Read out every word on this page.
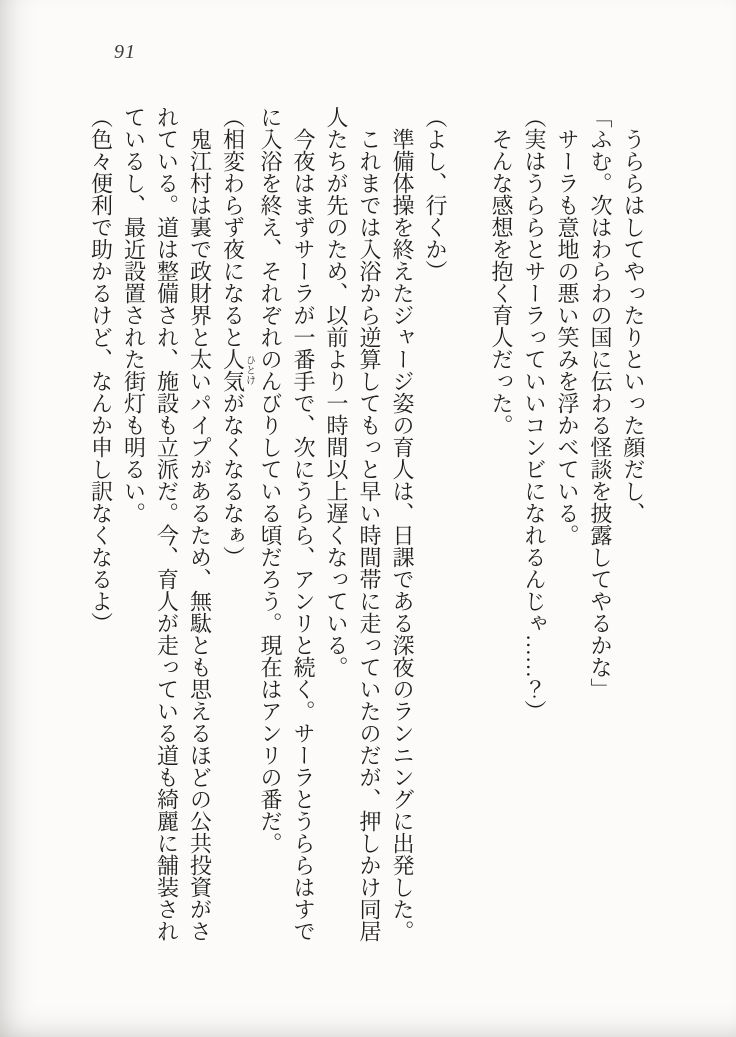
91

うららはしてやったりといった顔だし、

「ふむ。次はわらわの国に伝わる怪談を披露してやるかな」

サーラも意地の悪い笑みを浮かべている。

（実はうららとサーラっていいコンビになれるんじゃ……？）

そんな感想を抱く育人だった。

（よし、行くか）

準備体操を終えたジャージ姿の育人は、日課である深夜のランニングに出発した。

これまでは入浴から逆算してもっと早い時間帯に走っていたのだが、押しかけ同居

人たちが先のため、以前より一時間以上遅くなっている。

今夜はまずサーラが一番手で、次にうらら、アンリと続く。サーラとうららはすで

に入浴を終え、それぞれのんびりしている頃だろう。現在はアンリの番だ。

（相変わらず夜になると人気ひとけがなくなるなぁ）

鬼江村は裏で政財界と太いパイプがあるため、無駄とも思えるほどの公共投資がさ

れている。道は整備され、施設も立派だ。今、育人が走っている道も綺麗に舗装され

ているし、最近設置された街灯も明るい。

（色々便利で助かるけど、なんか申し訳なくなるよ）
